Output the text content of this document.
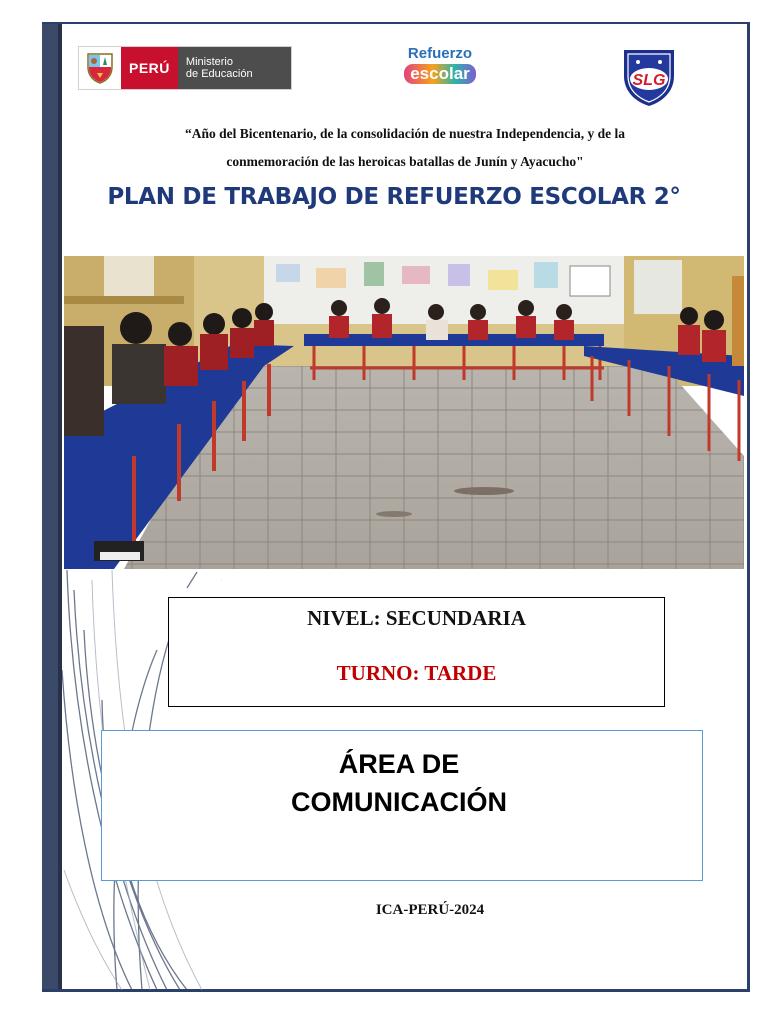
PERÚ	Ministerio
de Educación
Refuerzo
escolar	SLG
“Año del Bicentenario, de la consolidación de nuestra Independencia, y de la
conmemoración de las heroicas batallas de Junín y Ayacucho"
PLAN DE TRABAJO DE REFUERZO ESCOLAR 2°
NIVEL: SECUNDARIA
TURNO: TARDE
ÁREA DE
COMUNICACIÓN
ICA-PERÚ-2024
